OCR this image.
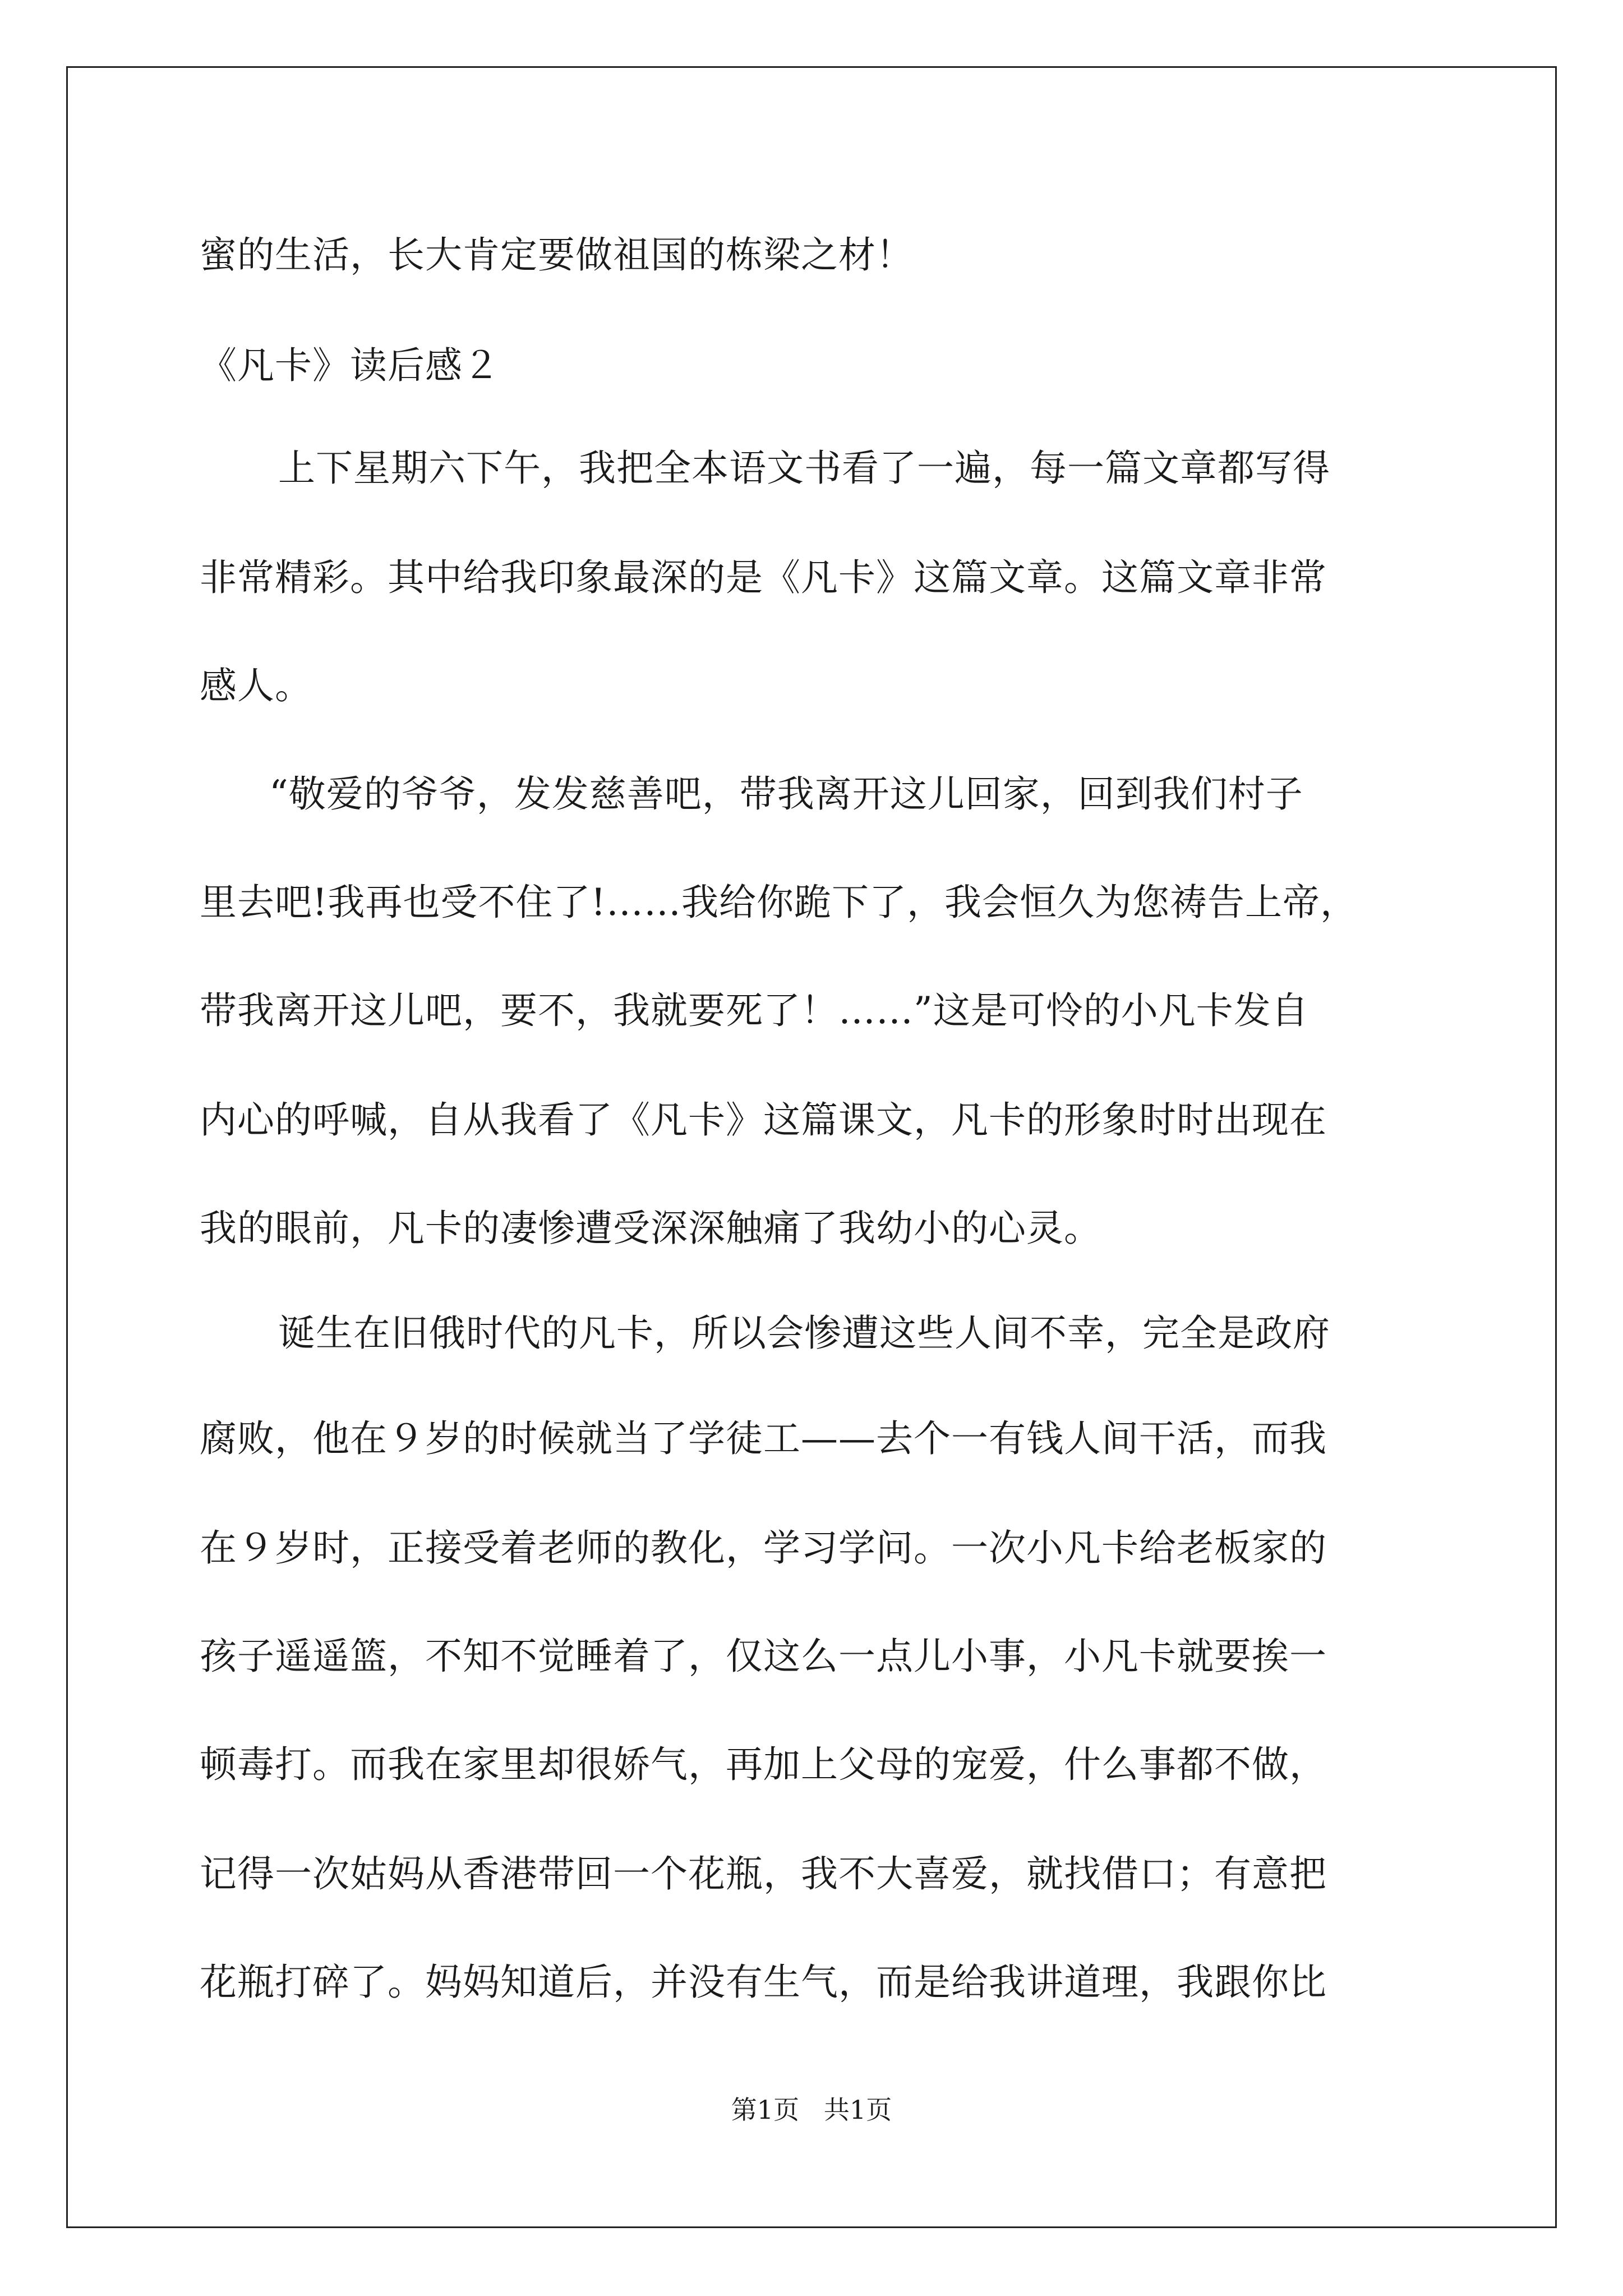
蜜的生活，长大肯定要做祖国的栋梁之材！
《凡卡》读后感２
上下星期六下午，我把全本语文书看了一遍，每一篇文章都写得
非常精彩。其中给我印象最深的是《凡卡》这篇文章。这篇文章非常
感人。
“敬爱的爷爷，发发慈善吧，带我离开这儿回家，回到我们村子
里去吧!我再也受不住了!……我给你跪下了，我会恒久为您祷告上帝，
带我离开这儿吧，要不，我就要死了！……”这是可怜的小凡卡发自
内心的呼喊，自从我看了《凡卡》这篇课文，凡卡的形象时时出现在
我的眼前，凡卡的凄惨遭受深深触痛了我幼小的心灵。
诞生在旧俄时代的凡卡，所以会惨遭这些人间不幸，完全是政府
腐败，他在９岁的时候就当了学徒工——去个一有钱人间干活，而我
在９岁时，正接受着老师的教化，学习学问。一次小凡卡给老板家的
孩子遥遥篮，不知不觉睡着了，仅这么一点儿小事，小凡卡就要挨一
顿毒打。而我在家里却很娇气，再加上父母的宠爱，什么事都不做，
记得一次姑妈从香港带回一个花瓶，我不大喜爱，就找借口；有意把
花瓶打碎了。妈妈知道后，并没有生气，而是给我讲道理，我跟你比
第1页   共1页
